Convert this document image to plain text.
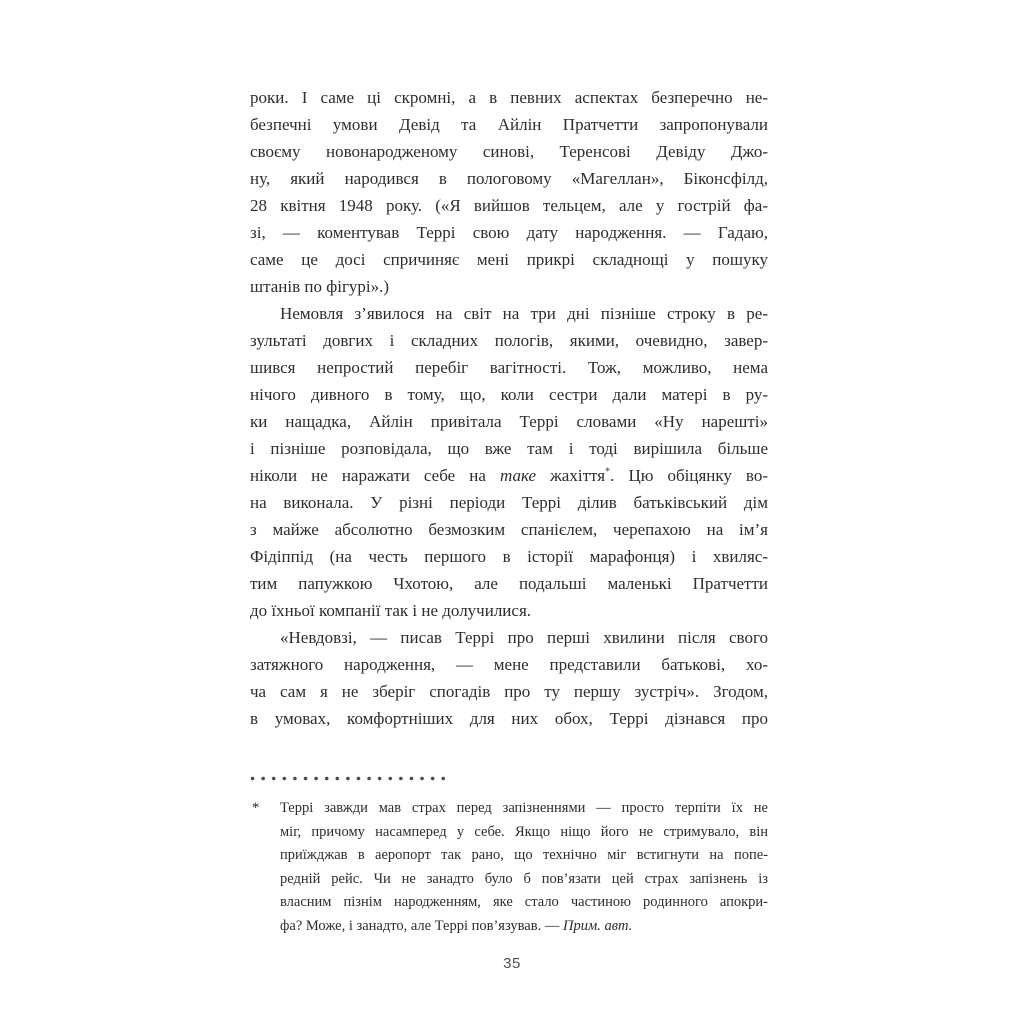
роки. І саме ці скромні, а в певних аспектах безперечно не-
безпечні умови Девід та Айлін Пратчетти запропонували
своєму новонародженому синові, Теренсові Девіду Джо-
ну, який народився в пологовому «Магеллан», Біконсфілд,
28 квітня 1948 року. («Я вийшов тельцем, але у гострій фа-
зі, — коментував Террі свою дату народження. — Гадаю,
саме це досі спричиняє мені прикрі складнощі у пошуку
штанів по фігурі».)
Немовля з’явилося на світ на три дні пізніше строку в ре-
зультаті довгих і складних пологів, якими, очевидно, завер-
шився непростий перебіг вагітності. Тож, можливо, нема
нічого дивного в тому, що, коли сестри дали матері в ру-
ки нащадка, Айлін привітала Террі словами «Ну нарешті»
і пізніше розповідала, що вже там і тоді вирішила більше
ніколи не наражати себе на таке жахіття*. Цю обіцянку во-
на виконала. У різні періоди Террі ділив батьківський дім
з майже абсолютно безмозким спанієлем, черепахою на ім’я
Фідіппід (на честь першого в історії марафонця) і хвиляс-
тим папужкою Чхотою, але подальші маленькі Пратчетти
до їхньої компанії так і не долучилися.
«Невдовзі, — писав Террі про перші хвилини після свого
затяжного народження, — мене представили батькові, хо-
ча сам я не зберіг спогадів про ту першу зустріч». Згодом,
в умовах, комфортніших для них обох, Террі дізнався про
* Террі завжди мав страх перед запізненнями — просто терпіти їх не
міг, причому насамперед у себе. Якщо ніщо його не стримувало, він
приїжджав в аеропорт так рано, що технічно міг встигнути на попе-
редній рейс. Чи не занадто було б пов’язати цей страх запізнень із
власним пізнім народженням, яке стало частиною родинного апокри-
фа? Може, і занадто, але Террі пов’язував. — Прим. авт.
35
